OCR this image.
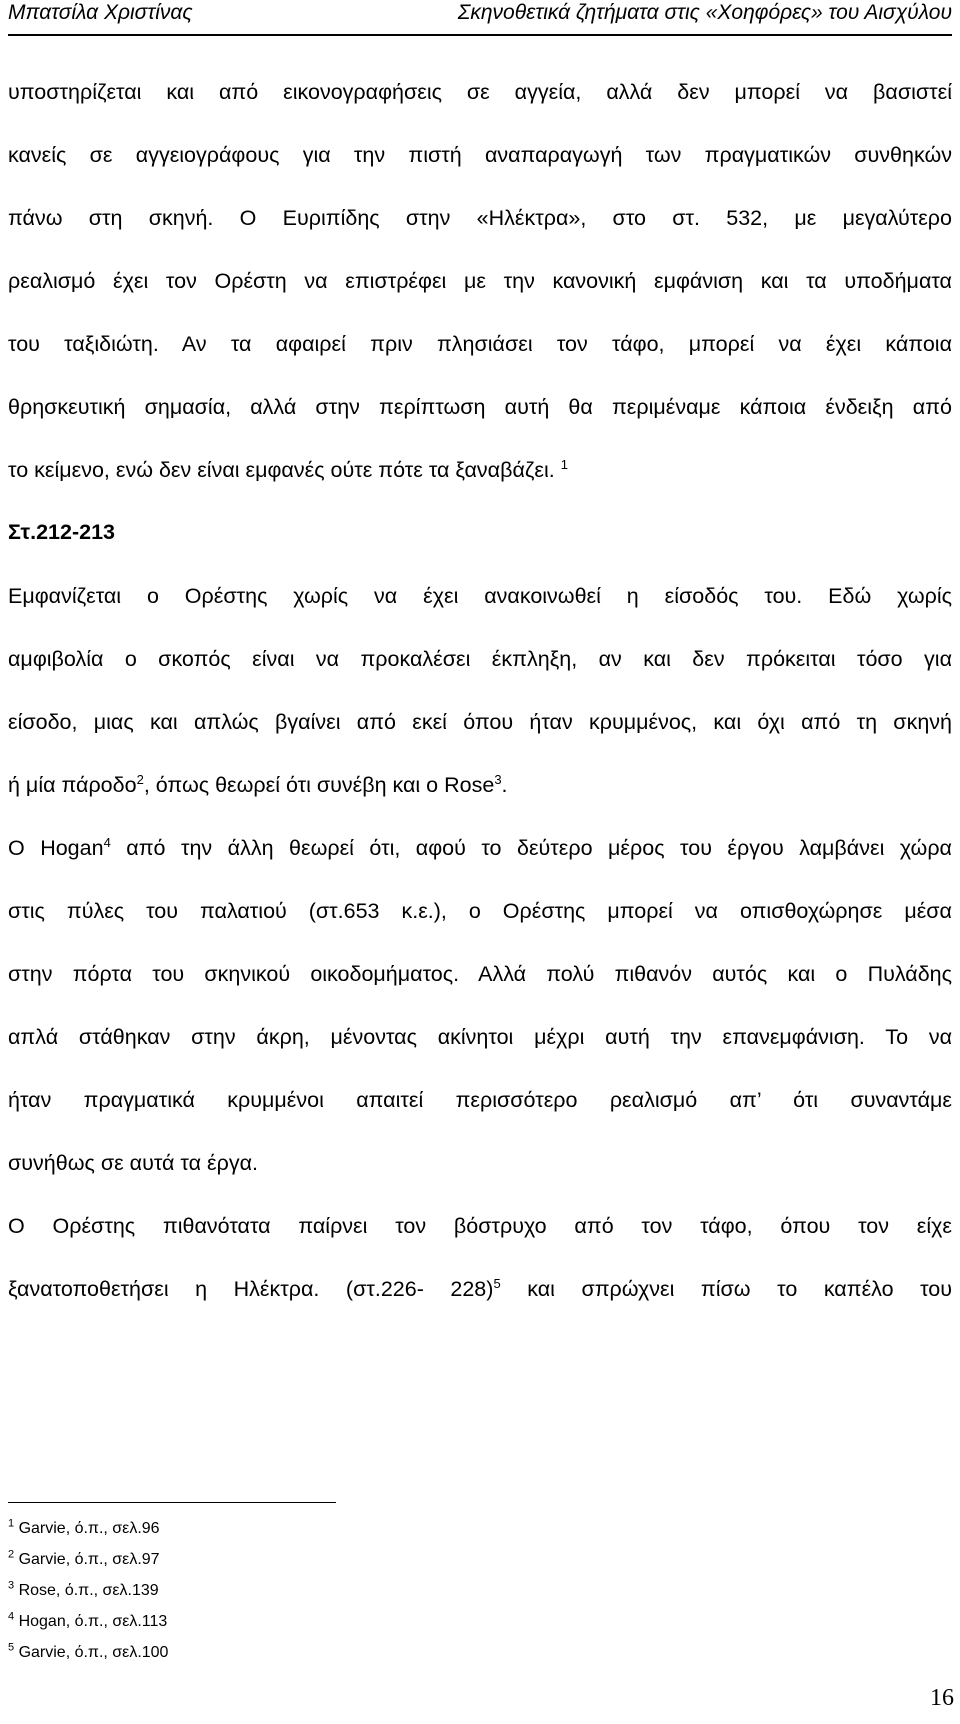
Μπατσίλα Χριστίνας	Σκηνοθετικά ζητήματα στις «Χοηφόρες» του Αισχύλου
υποστηρίζεται και από εικονογραφήσεις σε αγγεία, αλλά δεν μπορεί να βασιστεί
κανείς σε αγγειογράφους για την πιστή αναπαραγωγή των πραγματικών συνθηκών
πάνω στη σκηνή. Ο Ευριπίδης στην «Ηλέκτρα», στο στ. 532, με μεγαλύτερο
ρεαλισμό έχει τον Ορέστη να επιστρέφει με την κανονική εμφάνιση και τα υποδήματα
του ταξιδιώτη. Αν τα αφαιρεί πριν πλησιάσει τον τάφο, μπορεί να έχει κάποια
θρησκευτική σημασία, αλλά στην περίπτωση αυτή θα περιμέναμε κάποια ένδειξη από
το κείμενο, ενώ δεν είναι εμφανές ούτε πότε τα ξαναβάζει. $^1$
Στ.212-213
Εμφανίζεται ο Ορέστης χωρίς να έχει ανακοινωθεί η είσοδός του. Εδώ χωρίς
αμφιβολία ο σκοπός είναι να προκαλέσει έκπληξη, αν και δεν πρόκειται τόσο για
είσοδο, μιας και απλώς βγαίνει από εκεί όπου ήταν κρυμμένος, και όχι από τη σκηνή
ή μία πάροδο$^2$, όπως θεωρεί ότι συνέβη και ο Rose$^3$.
Ο Hogan$^4$ από την άλλη θεωρεί ότι, αφού το δεύτερο μέρος του έργου λαμβάνει χώρα
στις πύλες του παλατιού (στ.653 κ.ε.), ο Ορέστης μπορεί να οπισθοχώρησε μέσα
στην πόρτα του σκηνικού οικοδομήματος. Αλλά πολύ πιθανόν αυτός και ο Πυλάδης
απλά στάθηκαν στην άκρη, μένοντας ακίνητοι μέχρι αυτή την επανεμφάνιση. Το να
ήταν πραγματικά κρυμμένοι απαιτεί περισσότερο ρεαλισμό απ’ ότι συναντάμε
συνήθως σε αυτά τα έργα.
Ο Ορέστης πιθανότατα παίρνει τον βόστρυχο από τον τάφο, όπου τον είχε
ξανατοποθετήσει η Ηλέκτρα. (στ.226- 228)$^5$ και σπρώχνει πίσω το καπέλο του
$^1$ Garvie, ό.π., σελ.96
$^2$ Garvie, ό.π., σελ.97
$^3$ Rose, ό.π., σελ.139
$^4$ Hogan, ό.π., σελ.113
$^5$ Garvie, ό.π., σελ.100
16
